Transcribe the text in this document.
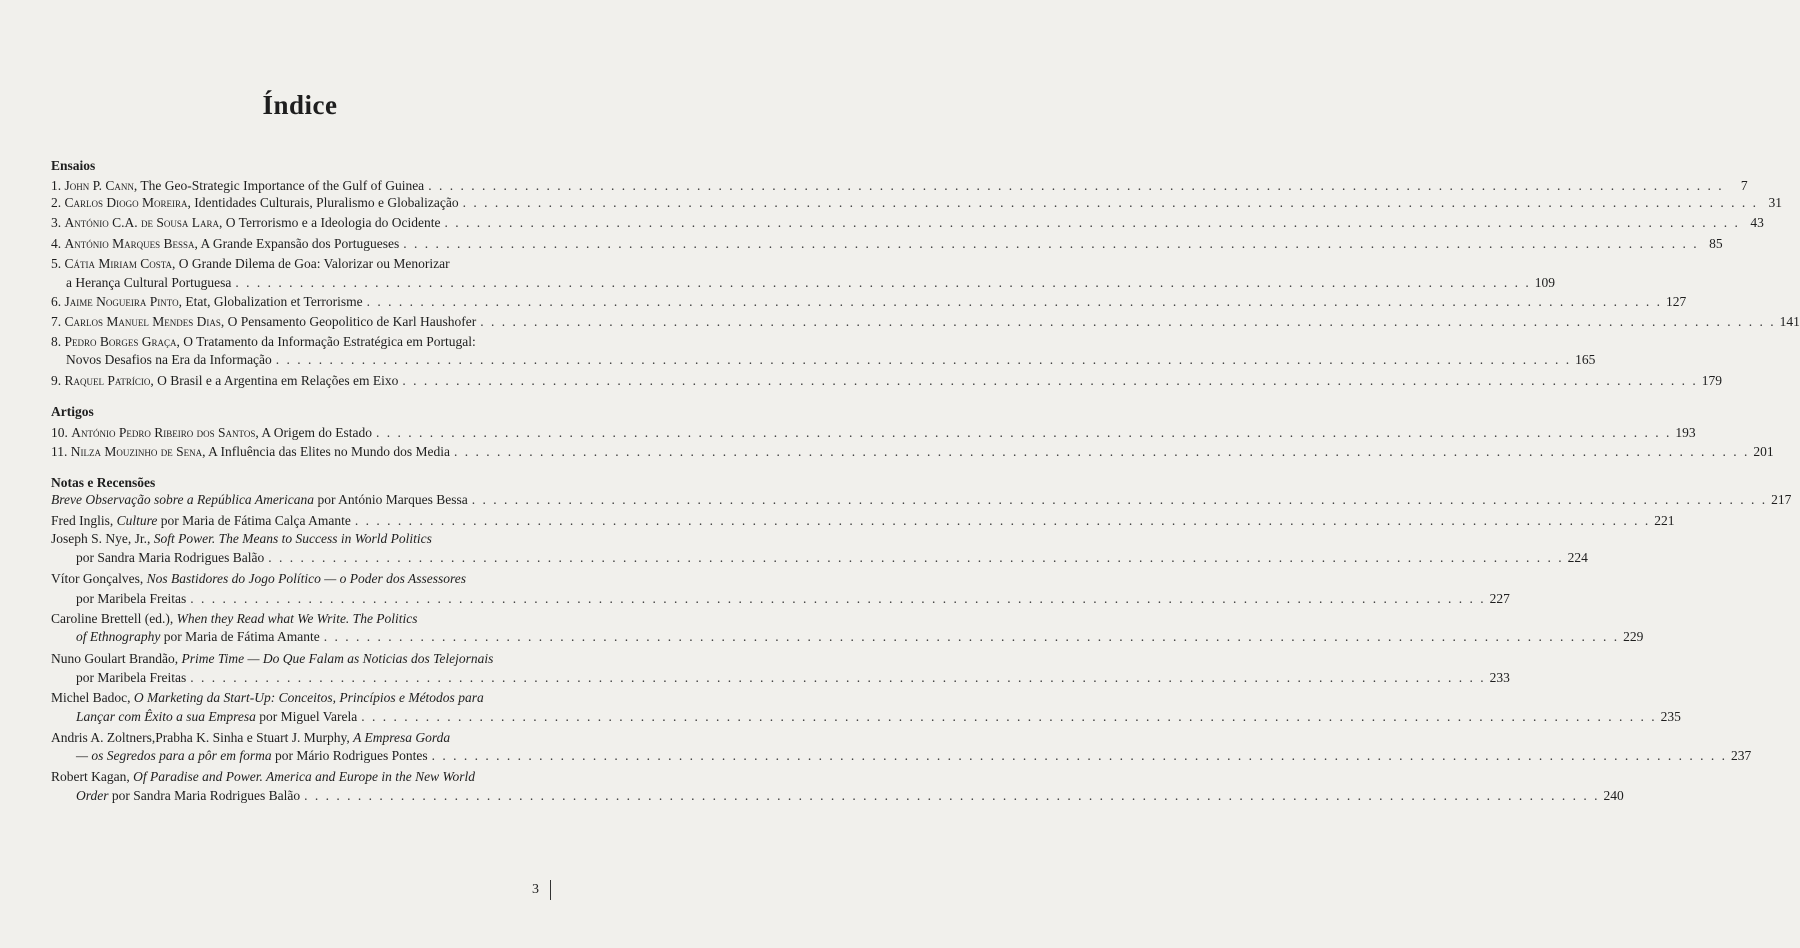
Índice
Ensaios
1. John P. Cann, The Geo-Strategic Importance of the Gulf of Guinea . . .	7
2. Carlos Diogo Moreira, Identidades Culturais, Pluralismo e Globalização . . .	31
3. António C.A. de Sousa Lara, O Terrorismo e a Ideologia do Ocidente . . .	43
4. António Marques Bessa, A Grande Expansão dos Portugueses . . .	85
5. Cátia Miriam Costa, O Grande Dilema de Goa: Valorizar ou Menorizar
a Herança Cultural Portuguesa . . .	109
6. Jaime Nogueira Pinto, Etat, Globalization et Terrorisme . . .	127
7. Carlos Manuel Mendes Dias, O Pensamento Geopolitico de Karl Haushofer . . .	141
8. Pedro Borges Graça, O Tratamento da Informação Estratégica em Portugal:
Novos Desafios na Era da Informação . . .	165
9. Raquel Patrício, O Brasil e a Argentina em Relações em Eixo . . .	179
Artigos
10. António Pedro Ribeiro dos Santos, A Origem do Estado . . .	193
11. Nilza Mouzinho de Sena, A Influência das Elites no Mundo dos Media . . .	201
Notas e Recensões
Breve Observação sobre a República Americana por António Marques Bessa . . .	217
Fred Inglis, Culture por Maria de Fátima Calça Amante . . .	221
Joseph S. Nye, Jr., Soft Power. The Means to Success in World Politics
por Sandra Maria Rodrigues Balão . . .	224
Vítor Gonçalves, Nos Bastidores do Jogo Político — o Poder dos Assessores
por Maribela Freitas . . .	227
Caroline Brettell (ed.), When they Read what We Write. The Politics
of Ethnography por Maria de Fátima Amante . . .	229
Nuno Goulart Brandão, Prime Time — Do Que Falam as Noticias dos Telejornais
por Maribela Freitas . . .	233
Michel Badoc, O Marketing da Start-Up: Conceitos, Princípios e Métodos para
Lançar com Êxito a sua Empresa por Miguel Varela . . .	235
Andris A. Zoltners,Prabha K. Sinha e Stuart J. Murphy, A Empresa Gorda
— os Segredos para a pôr em forma por Mário Rodrigues Pontes . . .	237
Robert Kagan, Of Paradise and Power. America and Europe in the New World
Order por Sandra Maria Rodrigues Balão . . .	240
3
